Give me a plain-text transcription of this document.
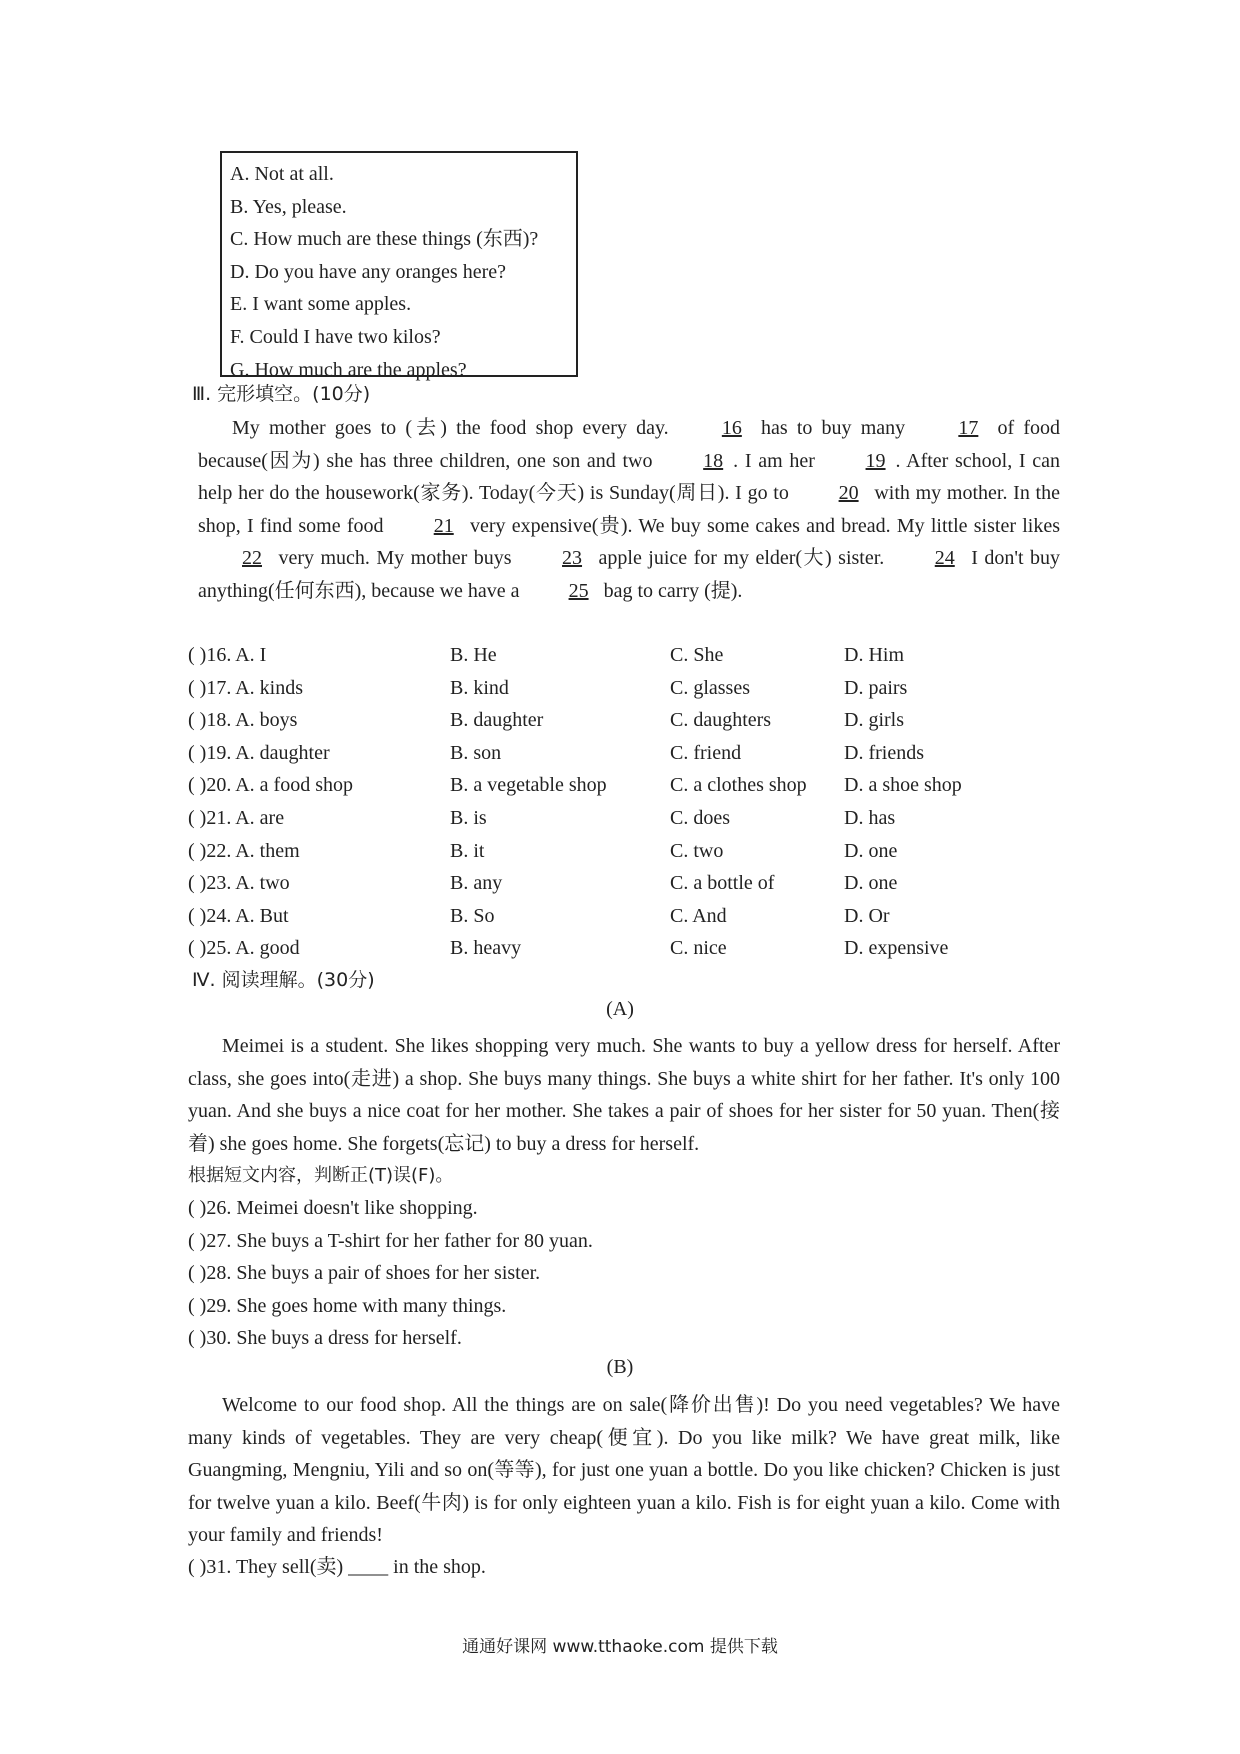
A. Not at all.
B. Yes, please.
C. How much are these things (东西)?
D. Do you have any oranges here?
E. I want some apples.
F. Could I have two kilos?
G. How much are the apples?
Ⅲ. 完形填空。(10分)

My mother goes to (去) the food shop every day. 16 has to buy many 17 of food because(因为) she has three children, one son and two 18 . I am her 19 . After school, I can help her do the housework(家务). Today(今天) is Sunday(周日). I go to 20 with my mother. In the shop, I find some food 21 very expensive(贵). We buy some cakes and bread. My little sister likes 22 very much. My mother buys 23 apple juice for my elder(大) sister. 24 I don't buy anything(任何东西), because we have a 25 bag to carry (提).

( )16. A. I	B. He	C. She	D. Him
( )17. A. kinds	B. kind	C. glasses	D. pairs
( )18. A. boys	B. daughter	C. daughters	D. girls
( )19. A. daughter	B. son	C. friend	D. friends
( )20. A. a food shop	B. a vegetable shop	C. a clothes shop D. a shoe shop
( )21. A. are	B. is	C. does	D. has
( )22. A. them	B. it	C. two	D. one
( )23. A. two	B. any	C. a bottle of	D. one
( )24. A. But	B. So	C. And	D. Or
( )25. A. good	B. heavy	C. nice	D. expensive
Ⅳ. 阅读理解。(30分)
(A)

Meimei is a student. She likes shopping very much. She wants to buy a yellow dress for herself. After class, she goes into(走进) a shop. She buys many things. She buys a white shirt for her father. It's only 100 yuan. And she buys a nice coat for her mother. She takes a pair of shoes for her sister for 50 yuan. Then(接着) she goes home. She forgets(忘记) to buy a dress for herself.

根据短文内容，判断正(T)误(F)。
( )26. Meimei doesn't like shopping.
( )27. She buys a T-shirt for her father for 80 yuan.
( )28. She buys a pair of shoes for her sister.
( )29. She goes home with many things.
( )30. She buys a dress for herself.
(B)

Welcome to our food shop. All the things are on sale(降价出售)! Do you need vegetables? We have many kinds of vegetables. They are very cheap(便宜). Do you like milk? We have great milk, like Guangming, Mengniu, Yili and so on(等等), for just one yuan a bottle. Do you like chicken? Chicken is just for twelve yuan a kilo. Beef(牛肉) is for only eighteen yuan a kilo. Fish is for eight yuan a kilo. Come with your family and friends!

( )31. They sell(卖) ____ in the shop.
通通好课网 www.tthaoke.com 提供下载
